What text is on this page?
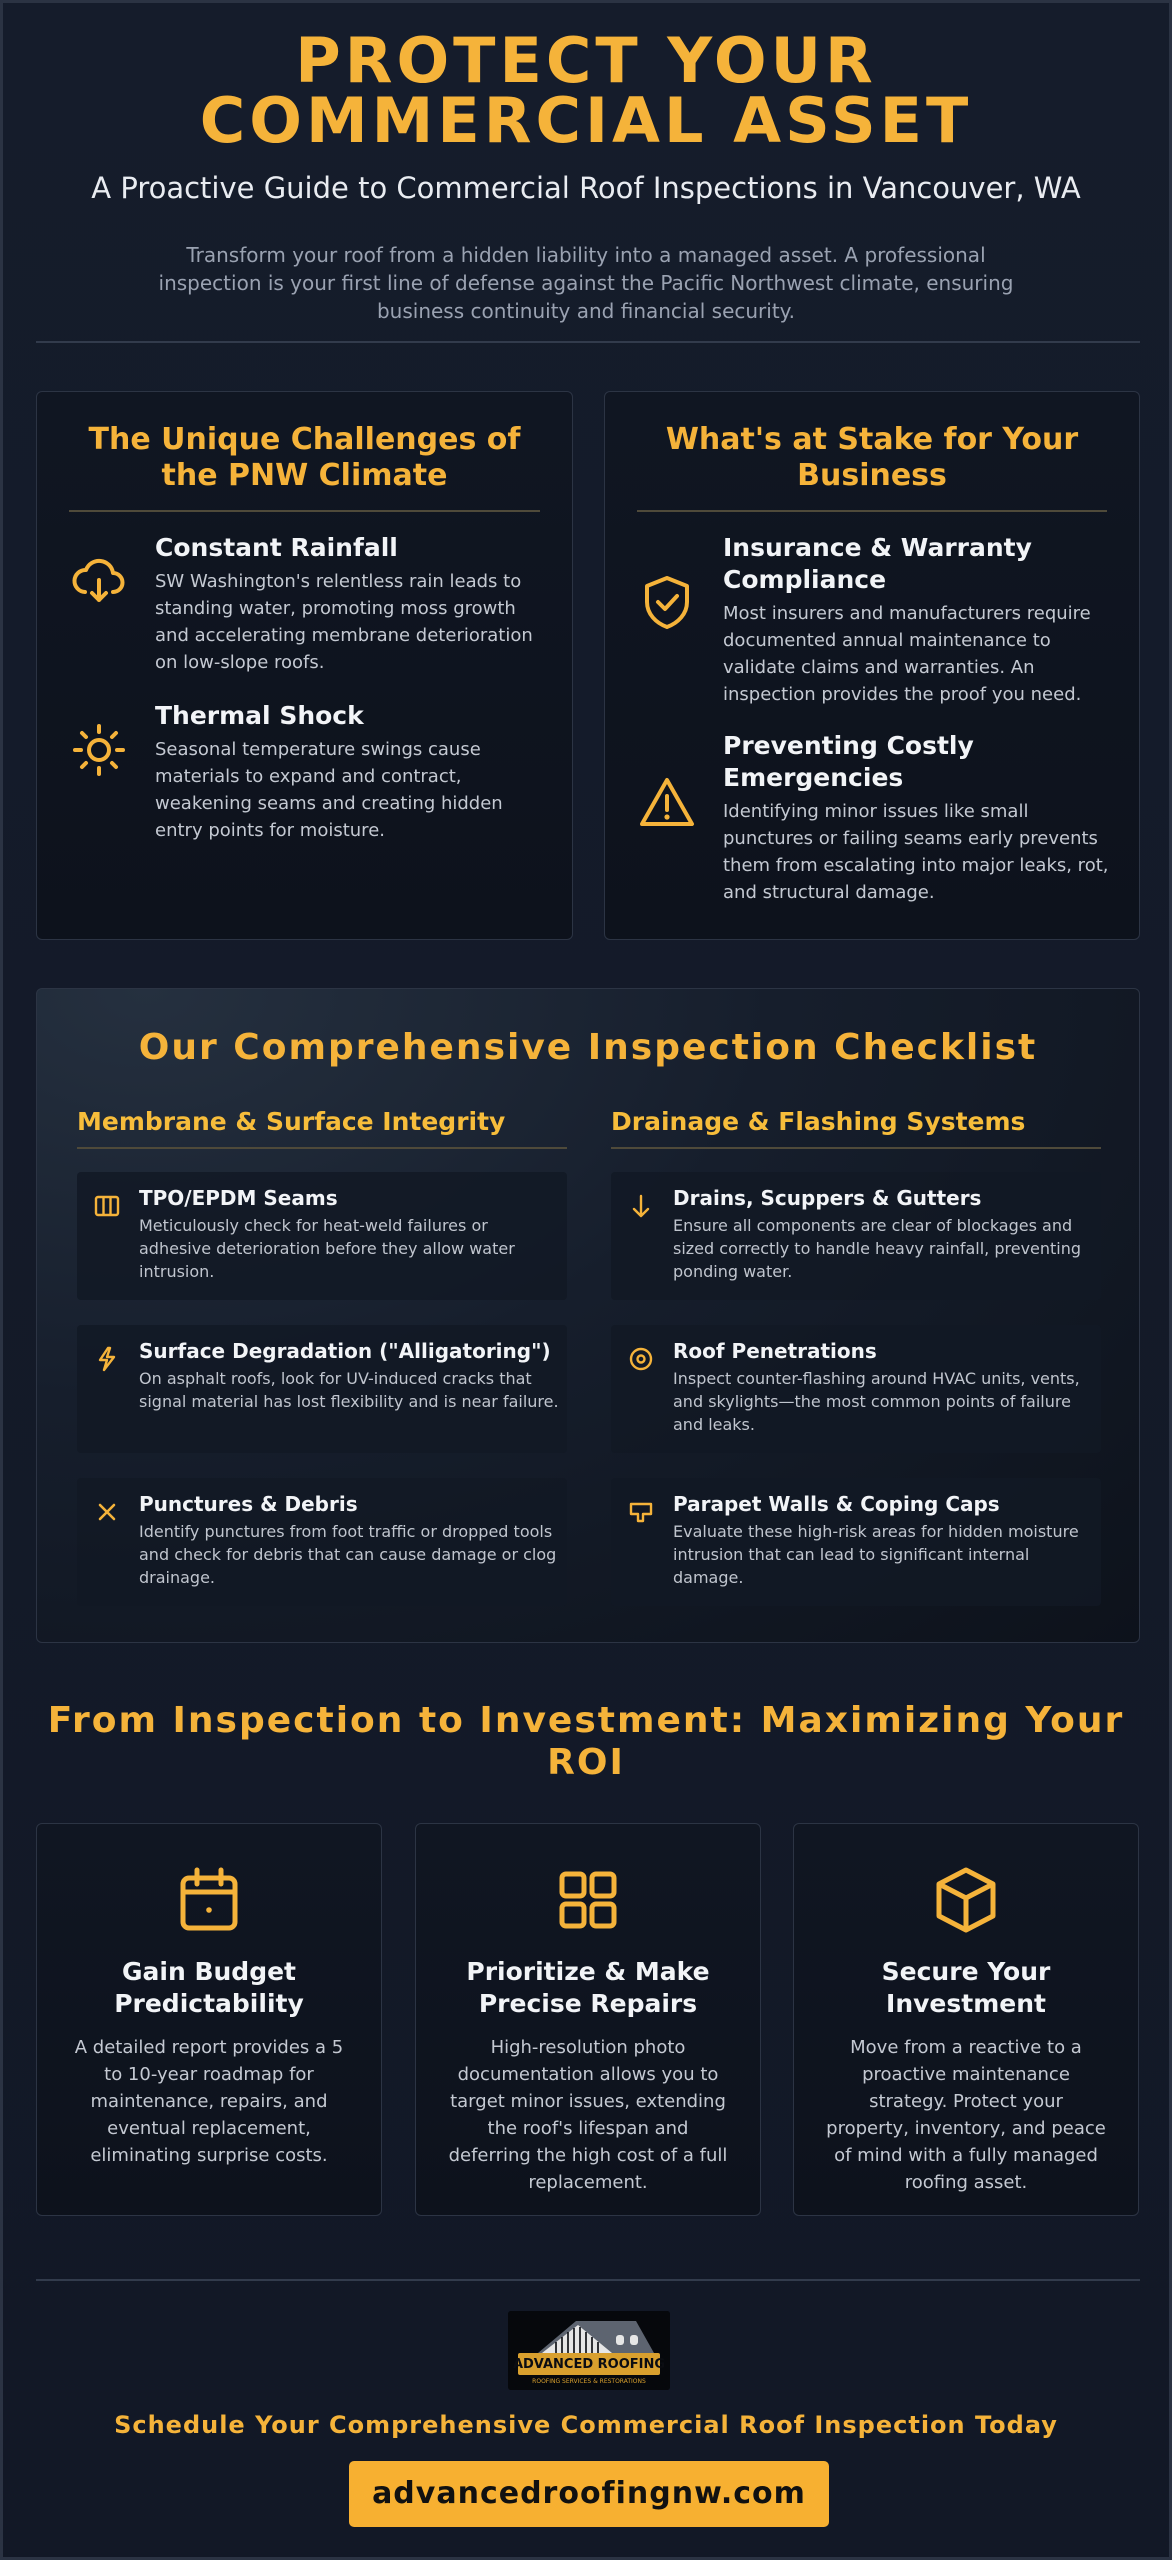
PROTECT YOUR COMMERCIAL ASSET
A Proactive Guide to Commercial Roof Inspections in Vancouver, WA
Transform your roof from a hidden liability into a managed asset. A professional inspection is your first line of defense against the Pacific Northwest climate, ensuring business continuity and financial security.
The Unique Challenges of the PNW Climate
Constant Rainfall

SW Washington's relentless rain leads to standing water, promoting moss growth and accelerating membrane deterioration on low-slope roofs.

Thermal Shock

Seasonal temperature swings cause materials to expand and contract, weakening seams and creating hidden entry points for moisture.

What's at Stake for Your Business
Insurance & Warranty Compliance

Most insurers and manufacturers require documented annual maintenance to validate claims and warranties. An inspection provides the proof you need.

Preventing Costly Emergencies

Identifying minor issues like small punctures or failing seams early prevents them from escalating into major leaks, rot, and structural damage.

Our Comprehensive Inspection Checklist
Membrane & Surface Integrity	Drainage & Flashing Systems
TPO/EPDM Seams

Meticulously check for heat-weld failures or adhesive deterioration before they allow water intrusion.

Surface Degradation ("Alligatoring")

On asphalt roofs, look for UV-induced cracks that signal material has lost flexibility and is near failure.

Punctures & Debris

Identify punctures from foot traffic or dropped tools and check for debris that can cause damage or clog drainage.

Drains, Scuppers & Gutters

Ensure all components are clear of blockages and sized correctly to handle heavy rainfall, preventing ponding water.

Roof Penetrations

Inspect counter-flashing around HVAC units, vents, and skylights—the most common points of failure and leaks.

Parapet Walls & Coping Caps

Evaluate these high-risk areas for hidden moisture intrusion that can lead to significant internal damage.

From Inspection to Investment: Maximizing Your ROI
Gain Budget Predictability

A detailed report provides a 5 to 10-year roadmap for maintenance, repairs, and eventual replacement, eliminating surprise costs.

Prioritize & Make Precise Repairs

High-resolution photo documentation allows you to target minor issues, extending the roof's lifespan and deferring the high cost of a full replacement.

Secure Your Investment

Move from a reactive to a proactive maintenance strategy. Protect your property, inventory, and peace of mind with a fully managed roofing asset.

ADVANCED ROOFING
ROOFING SERVICES & RESTORATIONS
Schedule Your Comprehensive Commercial Roof Inspection Today
advancedroofingnw.com
